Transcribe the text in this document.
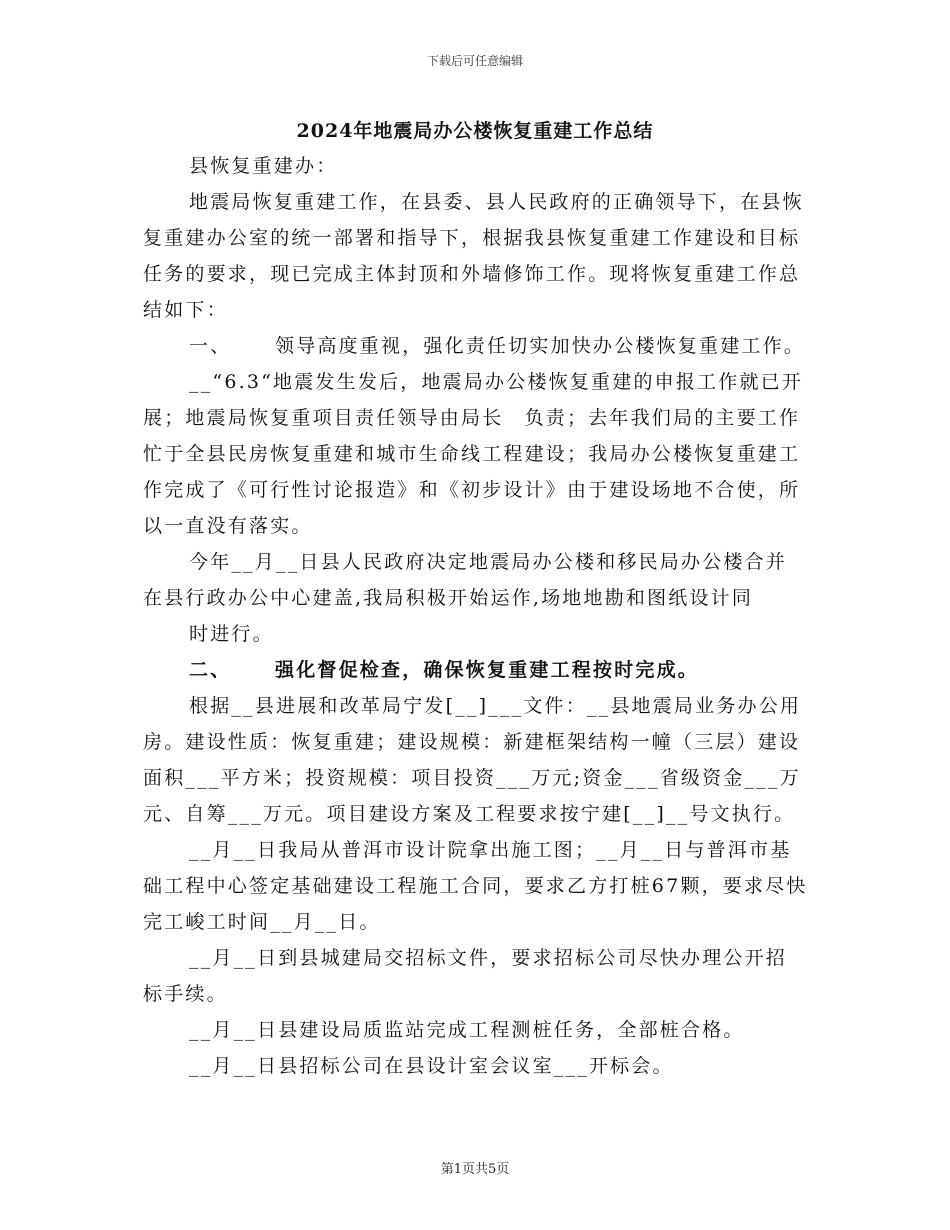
下载后可任意编辑
2024年地震局办公楼恢复重建工作总结

县恢复重建办：

地震局恢复重建工作，在县委、县人民政府的正确领导下，在县恢复重建办公室的统一部署和指导下，根据我县恢复重建工作建设和目标任务的要求，现已完成主体封顶和外墙修饰工作。现将恢复重建工作总结如下：

一、 领导高度重视，强化责任切实加快办公楼恢复重建工作。

__“6.3“地震发生发后，地震局办公楼恢复重建的申报工作就已开展；地震局恢复重项目责任领导由局长　负责；去年我们局的主要工作忙于全县民房恢复重建和城市生命线工程建设；我局办公楼恢复重建工作完成了《可行性讨论报造》和《初步设计》由于建设场地不合使，所以一直没有落实。

今年__月__日县人民政府决定地震局办公楼和移民局办公楼合并在县行政办公中心建盖,我局积极开始运作,场地地勘和图纸设计同

时进行。

二、 强化督促检查，确保恢复重建工程按时完成。

根据__县进展和改革局宁发[__]___文件：__县地震局业务办公用房。建设性质：恢复重建；建设规模：新建框架结构一幢（三层）建设面积___平方米；投资规模：项目投资___万元;资金___省级资金___万元、自筹___万元。项目建设方案及工程要求按宁建[__]__号文执行。

__月__日我局从普洱市设计院拿出施工图；__月__日与普洱市基础工程中心签定基础建设工程施工合同，要求乙方打桩67颗，要求尽快完工峻工时间__月__日。

__月__日到县城建局交招标文件，要求招标公司尽快办理公开招标手续。

__月__日县建设局质监站完成工程测桩任务，全部桩合格。

__月__日县招标公司在县设计室会议室___开标会。

第1页共5页
